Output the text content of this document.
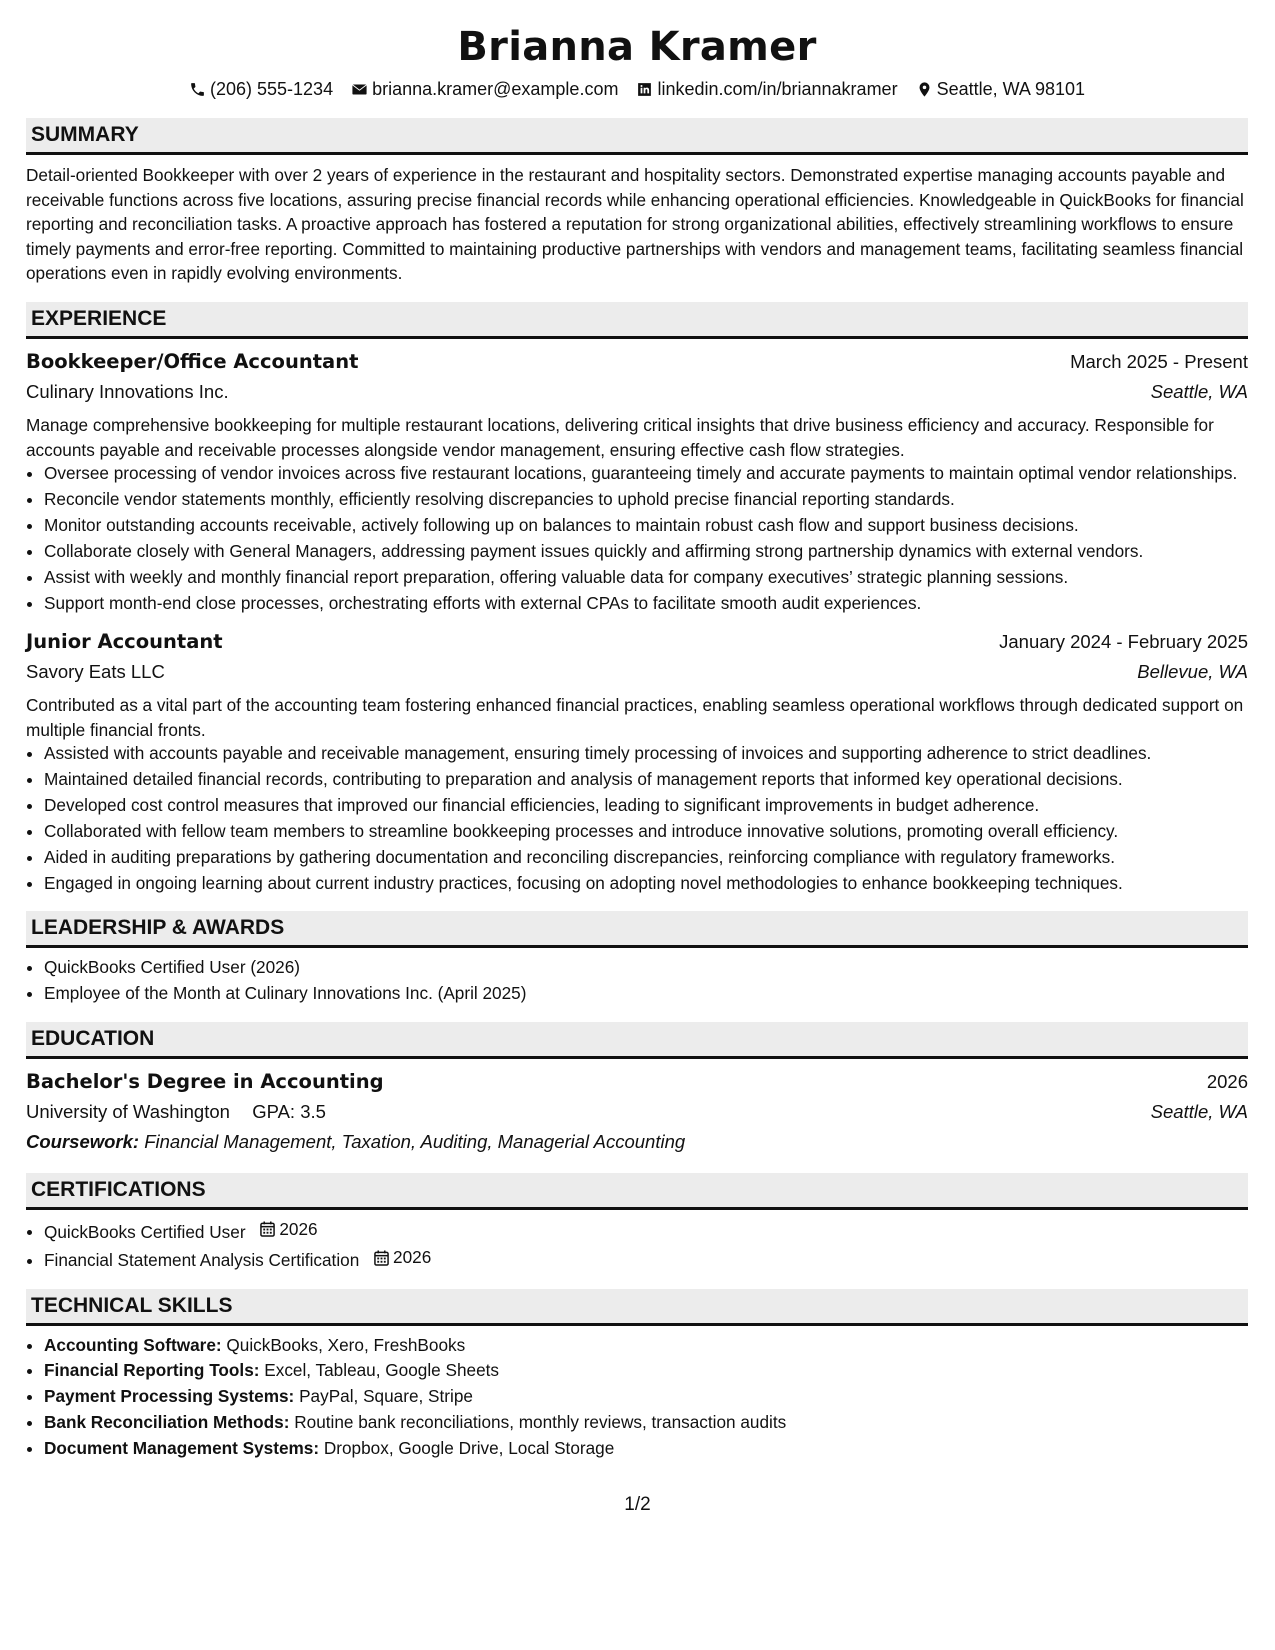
Brianna Kramer
(206) 555-1234 brianna.kramer@example.com linkedin.com/in/briannakramer Seattle, WA 98101
SUMMARY

Detail-oriented Bookkeeper with over 2 years of experience in the restaurant and hospitality sectors. Demonstrated expertise managing accounts payable and receivable functions across five locations, assuring precise financial records while enhancing operational efficiencies. Knowledgeable in QuickBooks for financial reporting and reconciliation tasks. A proactive approach has fostered a reputation for strong organizational abilities, effectively streamlining workflows to ensure timely payments and error-free reporting. Committed to maintaining productive partnerships with vendors and management teams, facilitating seamless financial operations even in rapidly evolving environments.

EXPERIENCE
Bookkeeper/Office Accountant	March 2025 - Present
Culinary Innovations Inc.	Seattle, WA

Manage comprehensive bookkeeping for multiple restaurant locations, delivering critical insights that drive business efficiency and accuracy. Responsible for accounts payable and receivable processes alongside vendor management, ensuring effective cash flow strategies.

• Oversee processing of vendor invoices across five restaurant locations, guaranteeing timely and accurate payments to maintain optimal vendor relationships.
• Reconcile vendor statements monthly, efficiently resolving discrepancies to uphold precise financial reporting standards.
• Monitor outstanding accounts receivable, actively following up on balances to maintain robust cash flow and support business decisions.
• Collaborate closely with General Managers, addressing payment issues quickly and affirming strong partnership dynamics with external vendors.
• Assist with weekly and monthly financial report preparation, offering valuable data for company executives’ strategic planning sessions.
• Support month-end close processes, orchestrating efforts with external CPAs to facilitate smooth audit experiences.
Junior Accountant	January 2024 - February 2025
Savory Eats LLC	Bellevue, WA

Contributed as a vital part of the accounting team fostering enhanced financial practices, enabling seamless operational workflows through dedicated support on multiple financial fronts.

• Assisted with accounts payable and receivable management, ensuring timely processing of invoices and supporting adherence to strict deadlines.
• Maintained detailed financial records, contributing to preparation and analysis of management reports that informed key operational decisions.
• Developed cost control measures that improved our financial efficiencies, leading to significant improvements in budget adherence.
• Collaborated with fellow team members to streamline bookkeeping processes and introduce innovative solutions, promoting overall efficiency.
• Aided in auditing preparations by gathering documentation and reconciling discrepancies, reinforcing compliance with regulatory frameworks.
• Engaged in ongoing learning about current industry practices, focusing on adopting novel methodologies to enhance bookkeeping techniques.
LEADERSHIP & AWARDS
• QuickBooks Certified User (2026)
• Employee of the Month at Culinary Innovations Inc. (April 2025)
EDUCATION
Bachelor's Degree in Accounting	2026
University of Washington GPA: 3.5	Seattle, WA
Coursework: Financial Management, Taxation, Auditing, Managerial Accounting
CERTIFICATIONS
• QuickBooks Certified User 2026
• Financial Statement Analysis Certification 2026
TECHNICAL SKILLS
• Accounting Software: QuickBooks, Xero, FreshBooks
• Financial Reporting Tools: Excel, Tableau, Google Sheets
• Payment Processing Systems: PayPal, Square, Stripe
• Bank Reconciliation Methods: Routine bank reconciliations, monthly reviews, transaction audits
• Document Management Systems: Dropbox, Google Drive, Local Storage
1/2
